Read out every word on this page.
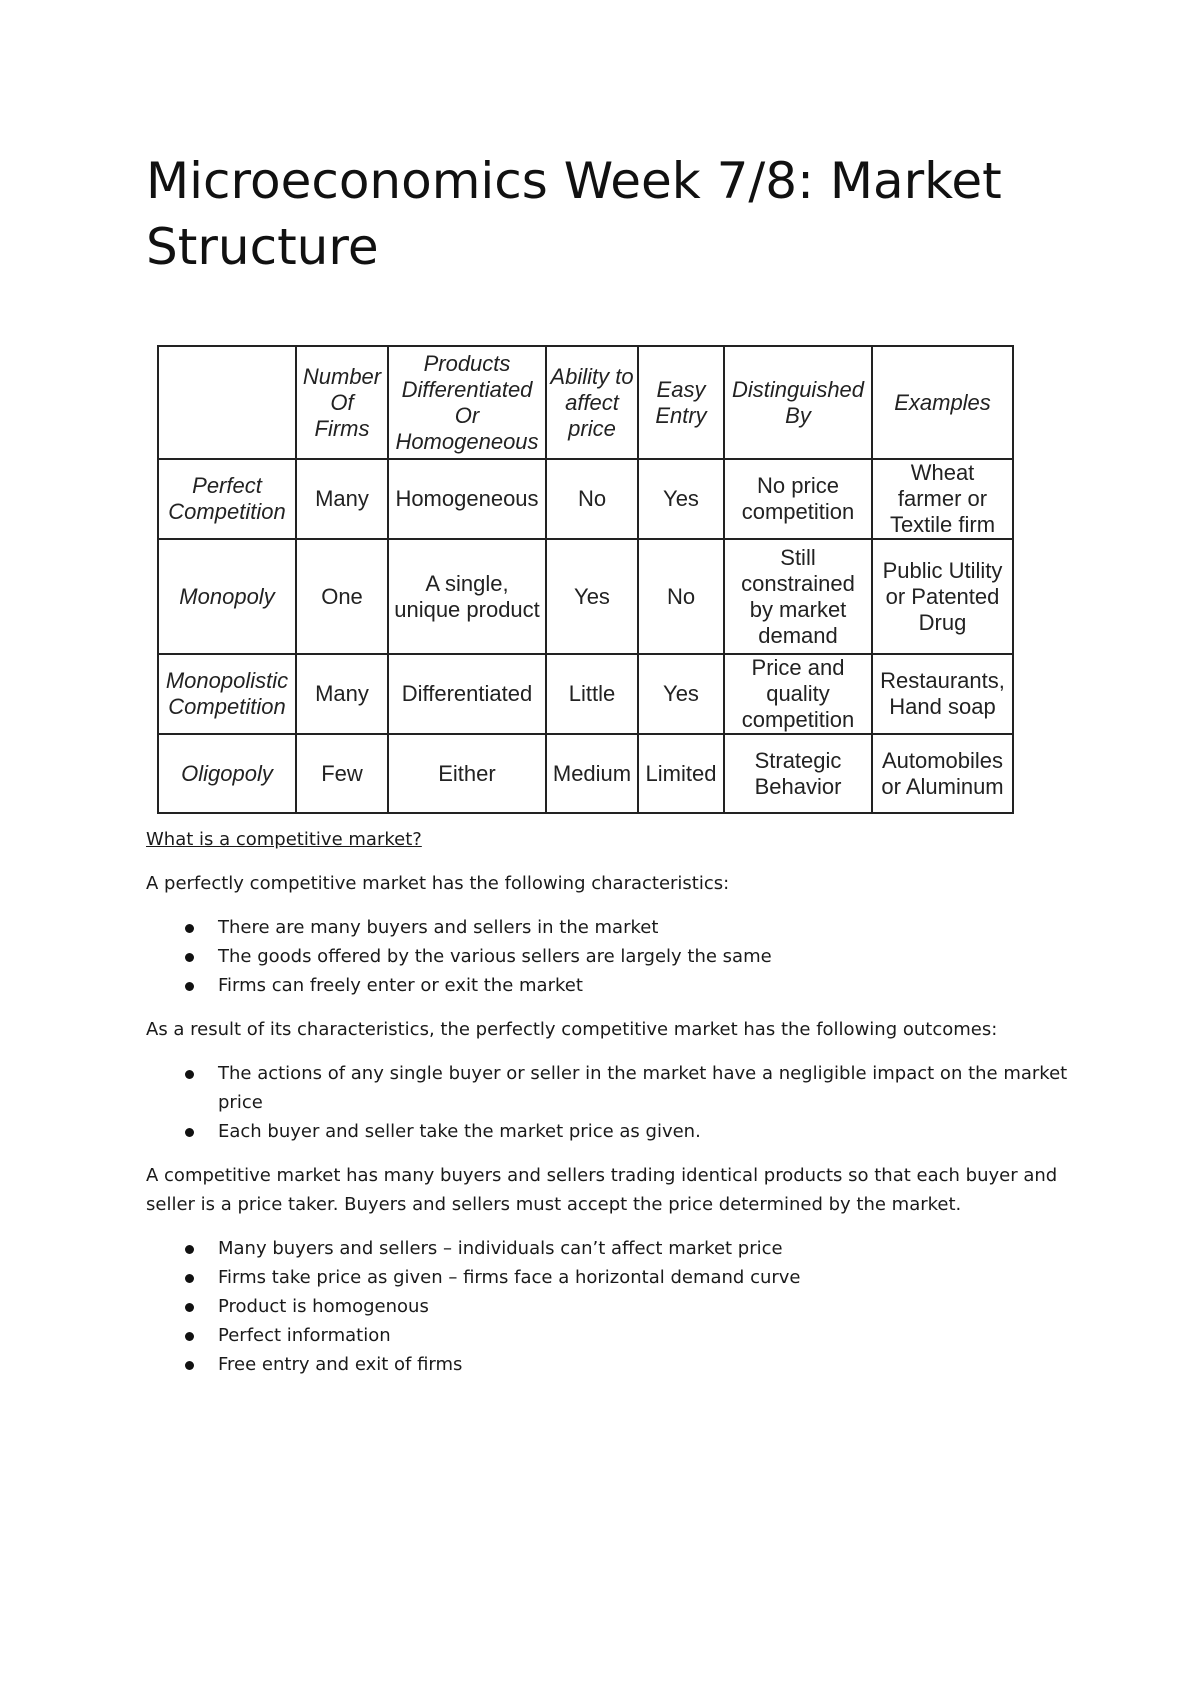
Microeconomics Week 7/8: Market Structure
	Number Of Firms	Products Differentiated Or Homogeneous	Ability to affect price	Easy Entry	Distinguished By	Examples
Perfect Competition	Many	Homogeneous	No	Yes	No price competition	Wheat farmer or Textile firm
Monopoly	One	A single, unique product	Yes	No	Still constrained by market demand	Public Utility or Patented Drug
Monopolistic Competition	Many	Differentiated	Little	Yes	Price and quality competition	Restaurants, Hand soap
Oligopoly	Few	Either	Medium	Limited	Strategic Behavior	Automobiles or Aluminum

What is a competitive market?

A perfectly competitive market has the following characteristics:

There are many buyers and sellers in the market
The goods offered by the various sellers are largely the same
Firms can freely enter or exit the market

As a result of its characteristics, the perfectly competitive market has the following outcomes:

The actions of any single buyer or seller in the market have a negligible impact on the market price
Each buyer and seller take the market price as given.

A competitive market has many buyers and sellers trading identical products so that each buyer and seller is a price taker. Buyers and sellers must accept the price determined by the market.

Many buyers and sellers – individuals can’t affect market price
Firms take price as given – firms face a horizontal demand curve
Product is homogenous
Perfect information
Free entry and exit of firms
